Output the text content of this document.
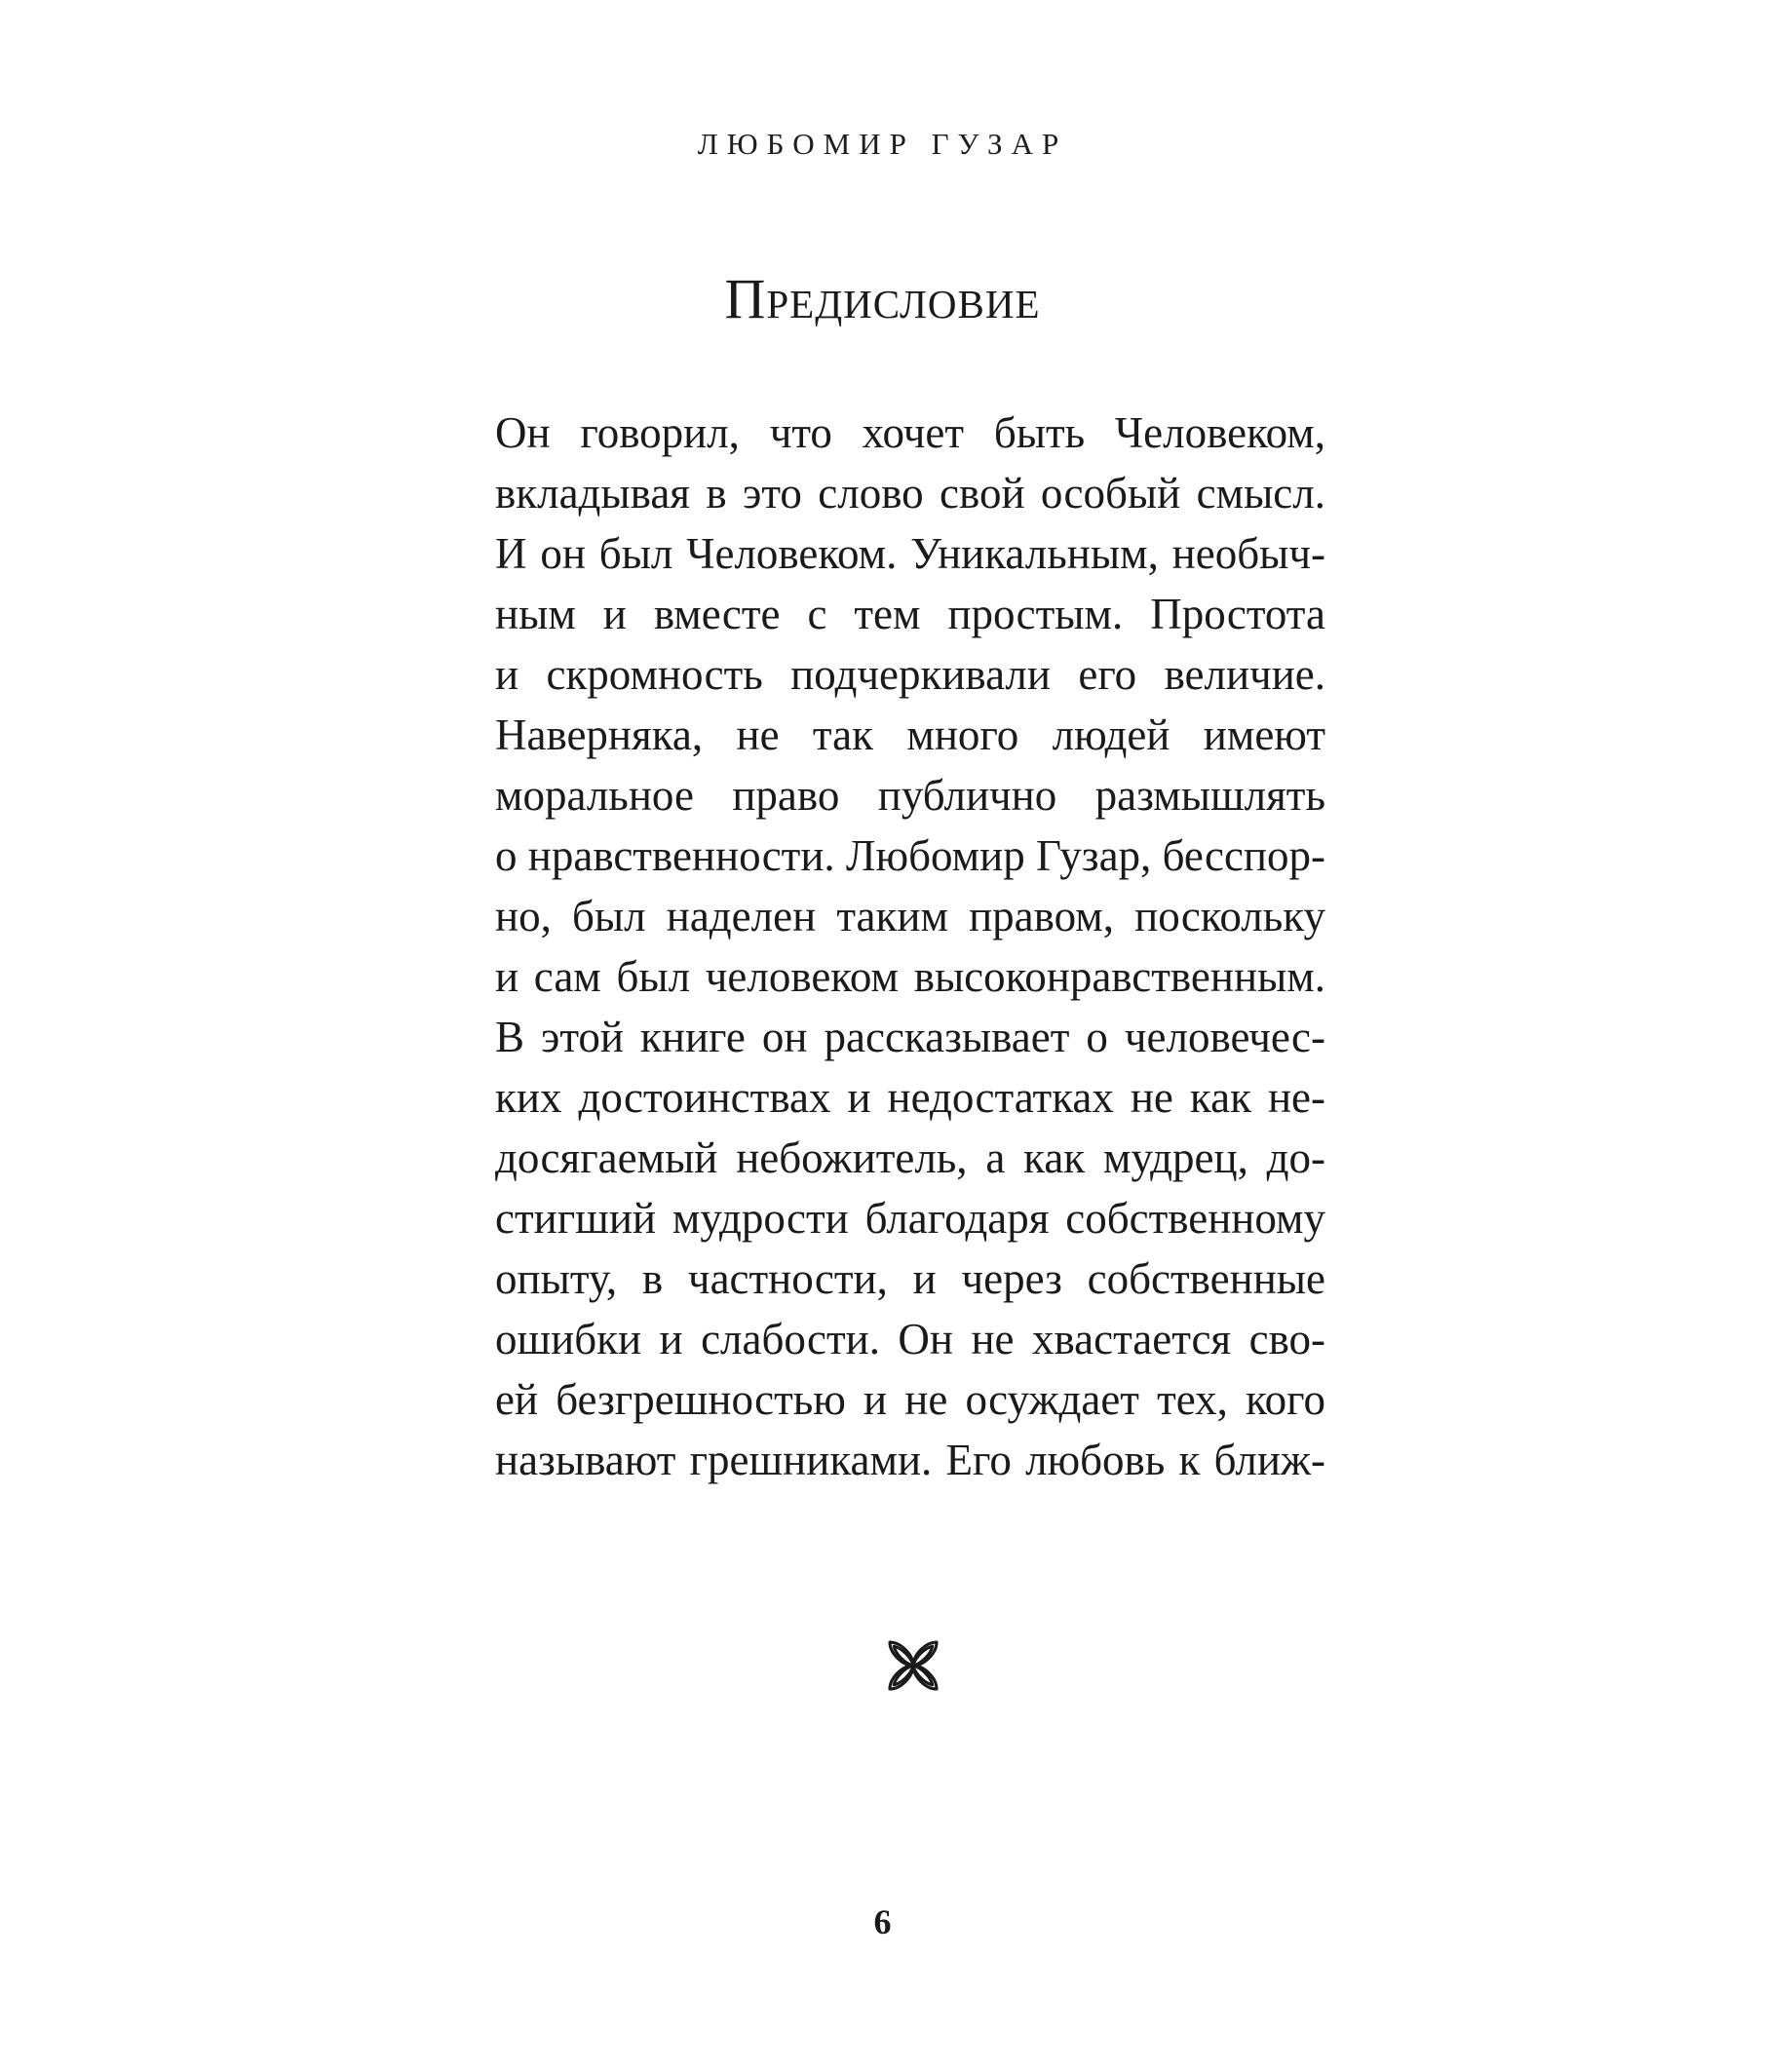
ЛЮБОМИР ГУЗАР
Предисловие
Он говорил, что хочет быть Человеком,
вкладывая в это слово свой особый смысл.
И он был Человеком. Уникальным, необыч-
ным и вместе с тем простым. Простота
и скромность подчеркивали его величие.
Наверняка, не так много людей имеют
моральное право публично размышлять
о нравственности. Любомир Гузар, бесспор-
но, был наделен таким правом, поскольку
и сам был человеком высоконравственным.
В этой книге он рассказывает о человечес-
ких достоинствах и недостатках не как не-
досягаемый небожитель, а как мудрец, до-
стигший мудрости благодаря собственному
опыту, в частности, и через собственные
ошибки и слабости. Он не хвастается сво-
ей безгрешностью и не осуждает тех, кого
называют грешниками. Его любовь к ближ-
6
